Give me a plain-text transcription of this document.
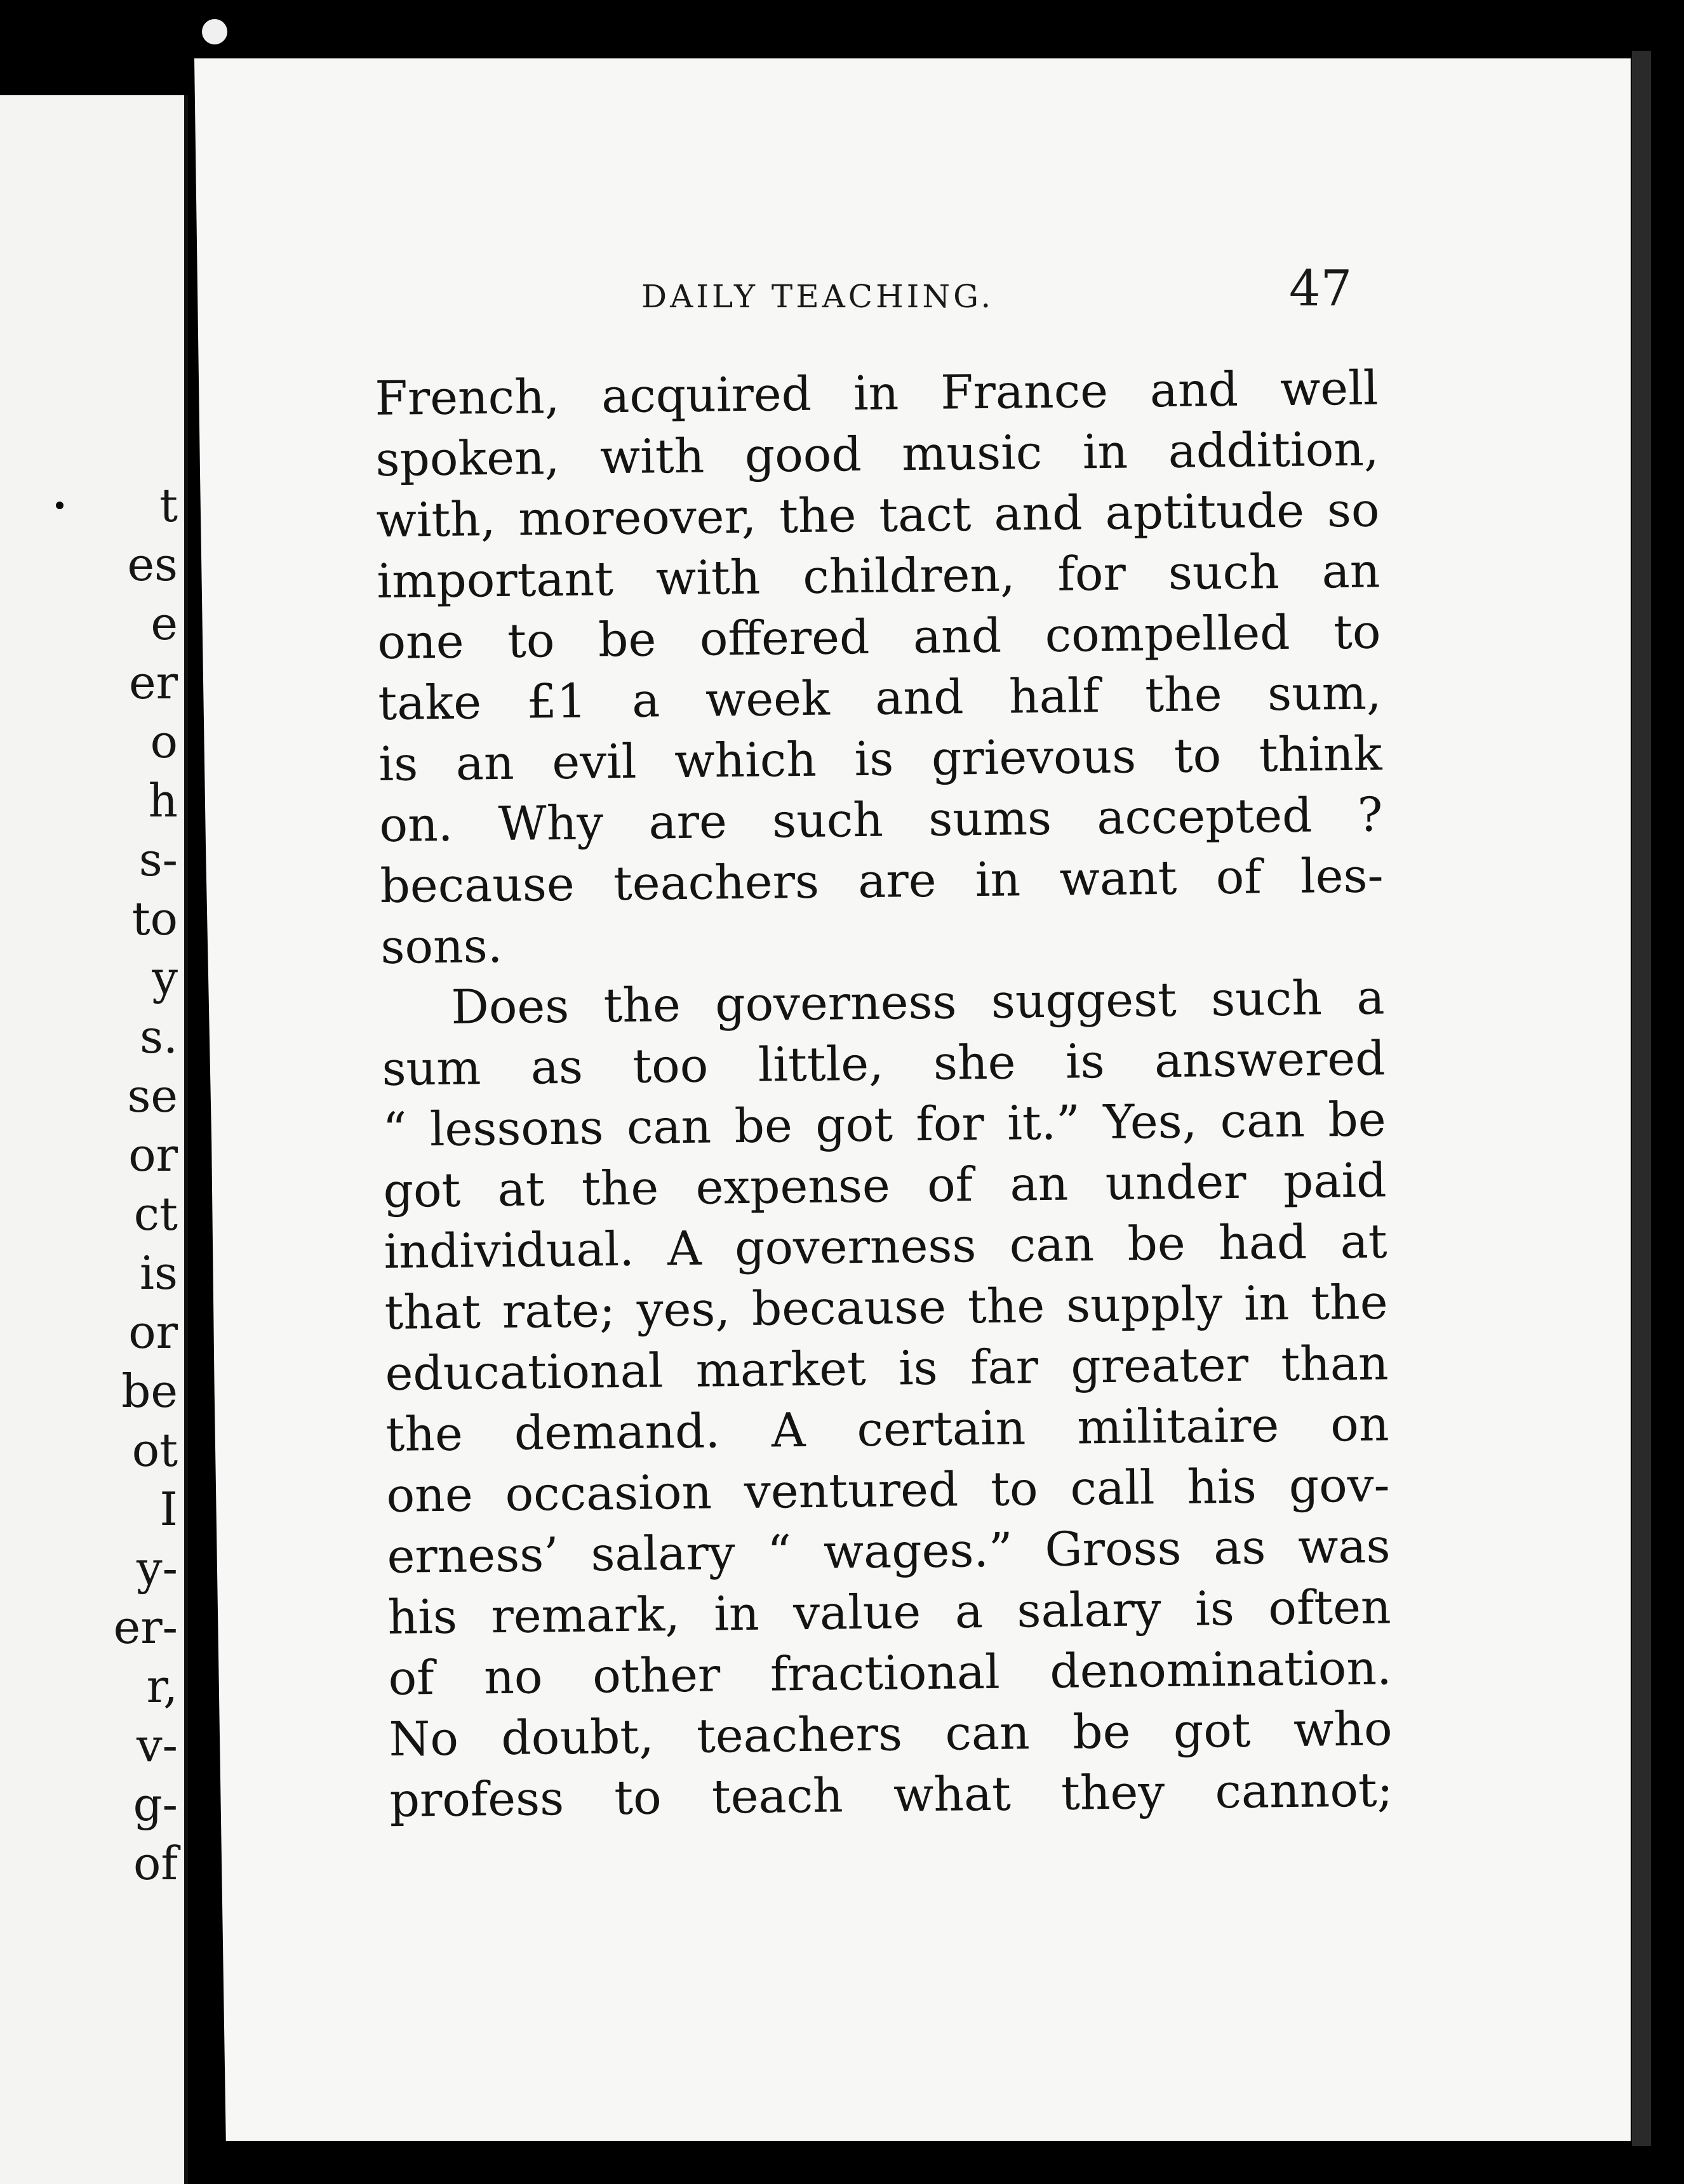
t
es
e
er
o
h
s-
to
y
s.
se
or
ct
is
or
be
ot
I
y-
er-
r,
v-
g-
of
DAILY TEACHING.	47
French, acquired in France and well
spoken, with good music in addition,
with, moreover, the tact and aptitude so
important with children, for such an
one to be offered and compelled to
take £1 a week and half the sum,
is an evil which is grievous to think
on. Why are such sums accepted ?
because teachers are in want of les-
sons.
Does the governess suggest such a
sum as too little, she is answered
“ lessons can be got for it.” Yes, can be
got at the expense of an under paid
individual. A governess can be had at
that rate; yes, because the supply in the
educational market is far greater than
the demand. A certain militaire on
one occasion ventured to call his gov-
erness’ salary “ wages.” Gross as was
his remark, in value a salary is often
of no other fractional denomination.
No doubt, teachers can be got who
profess to teach what they cannot;
